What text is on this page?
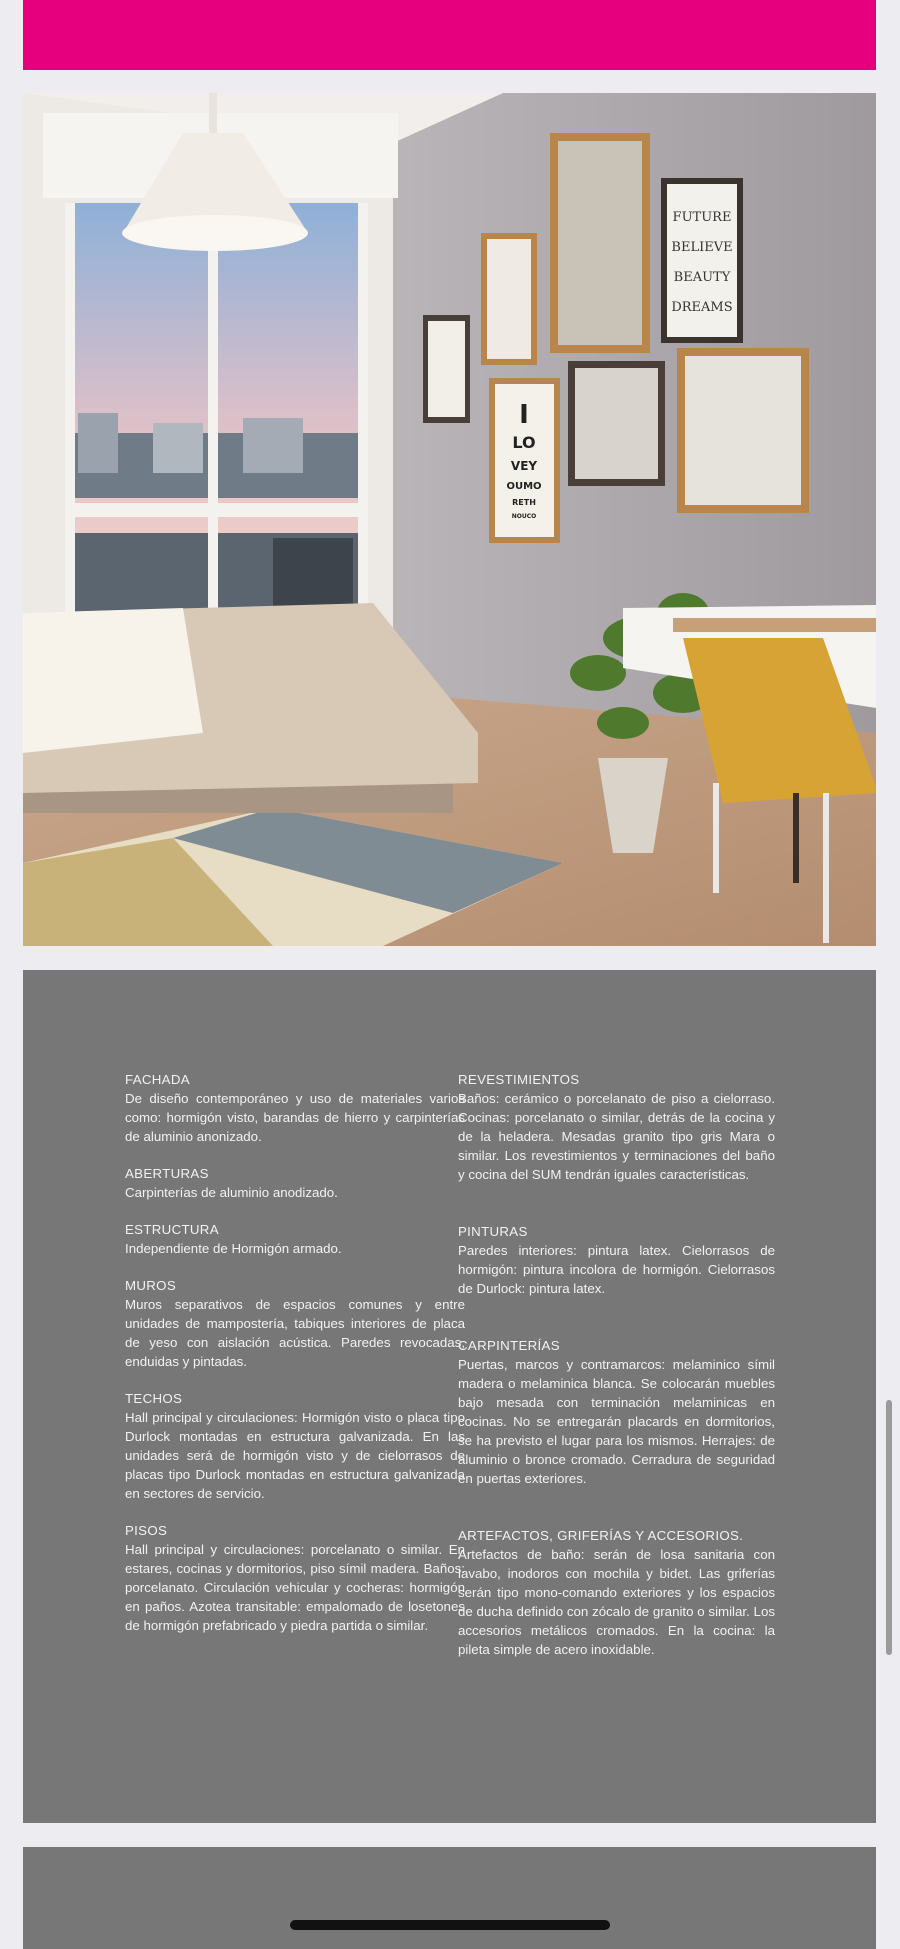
FUTURE
BELIEVE
BEAUTY
DREAMS
I
LO
VEY
OUMO
RETH
NOUCO
FACHADA

De diseño contemporáneo y uso de materiales varios como: hormigón visto, barandas de hierro y carpinterías de aluminio anonizado.

ABERTURAS

Carpinterías de aluminio anodizado.

ESTRUCTURA

Independiente de Hormigón armado.

MUROS

Muros separativos de espacios comunes y entre unidades de mampostería, tabiques interiores de placa de yeso con aislación acústica. Paredes revocadas, enduidas y pintadas.

TECHOS

Hall principal y circulaciones: Hormigón visto o placa tipo Durlock montadas en estructura galvanizada. En las unidades será de hormigón visto y de cielorrasos de placas tipo Durlock montadas en estructura galvanizada en sectores de servicio.

PISOS

Hall principal y circulaciones: porcelanato o similar. En estares, cocinas y dormitorios, piso símil madera. Baños: porcelanato. Circulación vehicular y cocheras: hormigón en paños. Azotea transitable: empalomado de losetones de hormigón prefabricado y piedra partida o similar.

REVESTIMIENTOS

Baños: cerámico o porcelanato de piso a cielorraso. Cocinas: porcelanato o similar, detrás de la cocina y de la heladera. Mesadas granito tipo gris Mara o similar. Los revestimientos y terminaciones del baño y cocina del SUM tendrán iguales características.

PINTURAS

Paredes interiores: pintura latex. Cielorrasos de hormigón: pintura incolora de hormigón. Cielorrasos de Durlock: pintura latex.

CARPINTERÍAS

Puertas, marcos y contramarcos: melaminico símil madera o melaminica blanca. Se colocarán muebles bajo mesada con terminación melaminicas en cocinas. No se entregarán placards en dormitorios, se ha previsto el lugar para los mismos. Herrajes: de aluminio o bronce cromado. Cerradura de seguridad en puertas exteriores.

ARTEFACTOS, GRIFERÍAS Y ACCESORIOS.

Artefactos de baño: serán de losa sanitaria con lavabo, inodoros con mochila y bidet. Las griferías serán tipo mono-comando exteriores y los espacios de ducha definido con zócalo de granito o similar. Los accesorios metálicos cromados. En la cocina: la pileta simple de acero inoxidable.
